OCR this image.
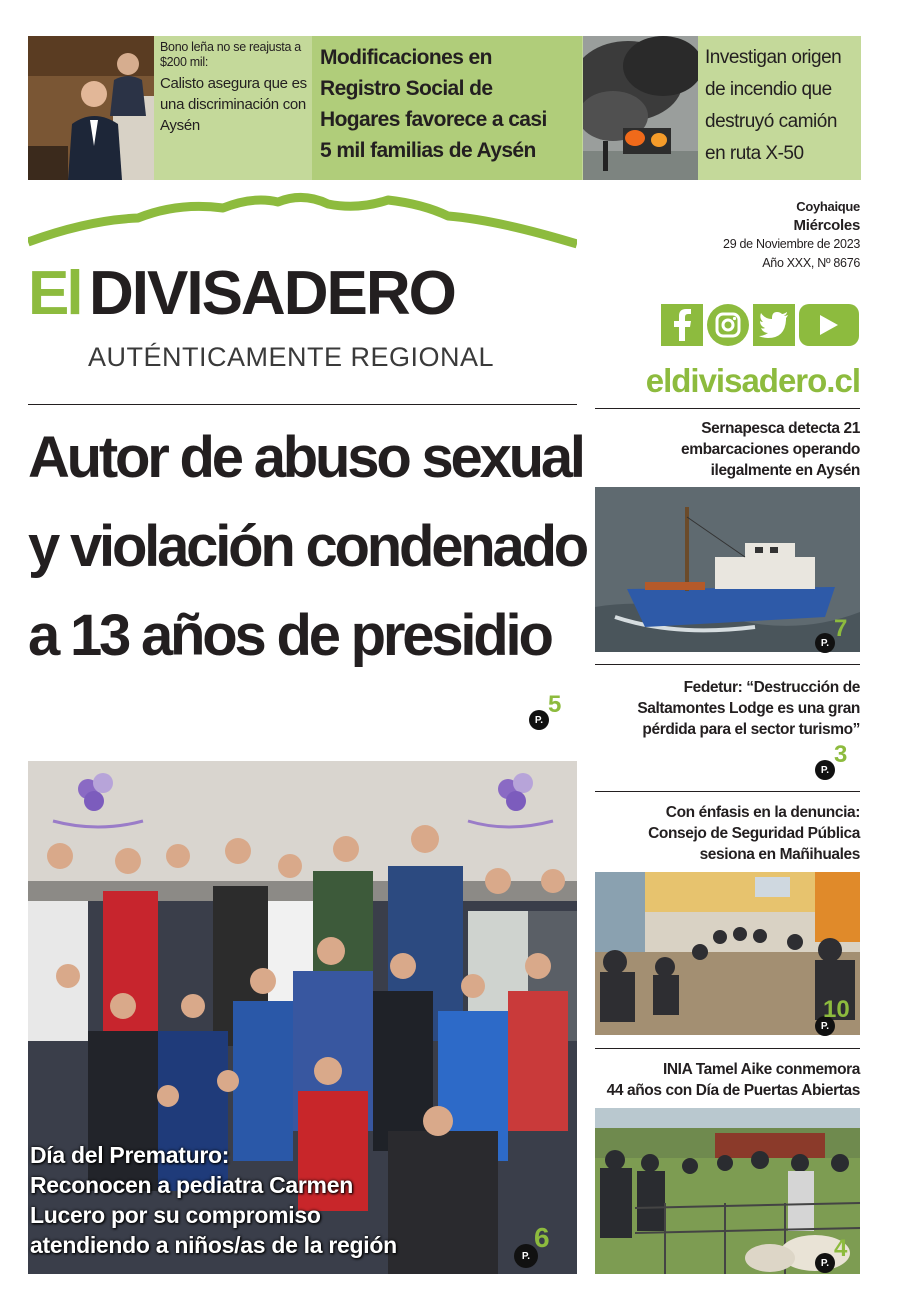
Bono leña no se reajusta a $200 mil:
Calisto asegura que es una discriminación con Aysén
Modificaciones en
Registro Social de
Hogares favorece a casi
5 mil familias de Aysén
Investigan origen de incendio que destruyó camión en ruta X-50
El DIVISADERO
AUTÉNTICAMENTE REGIONAL
Coyhaique
Miércoles
29 de Noviembre de 2023
Año XXX, Nº 8676
eldivisadero.cl
Autor de abuso sexual
y violación condenado
a 13 años de presidio
P.
5
Día del Prematuro:
Reconocen a pediatra Carmen
Lucero por su compromiso
atendiendo a niños/as de la región	P.
6
Sernapesca detecta 21
embarcaciones operando
ilegalmente en Aysén
P.
7
Fedetur: “Destrucción de
Saltamontes Lodge es una gran
pérdida para el sector turismo”
P.
3
Con énfasis en la denuncia:
Consejo de Seguridad Pública
sesiona en Mañihuales
P.
10
INIA Tamel Aike conmemora
44 años con Día de Puertas Abiertas
P.
4
